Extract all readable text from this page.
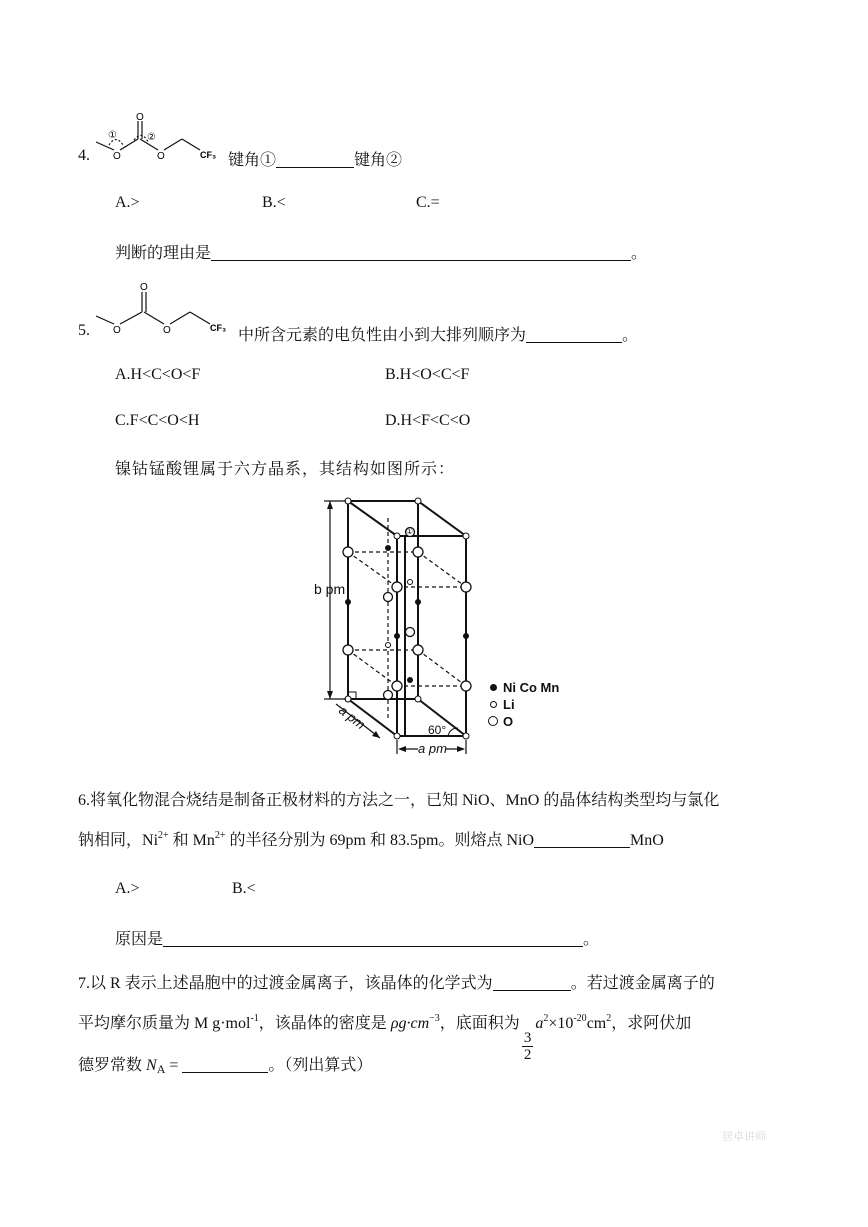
O
O	O
①	②
CF₃
4.	键角①	键角②
A.>	B.<	C.=
判断的理由是	。
O
O	O	CF₃
5.	中所含元素的电负性由小到大排列顺序为	。
A.H<C<O<F	B.H<O<C<F
C.F<C<O<H	D.H<F<C<O
镍钴锰酸锂属于六方晶系，其结构如图所示：
①
b pm
a pm
a pm
60°
Ni Co Mn
Li
O
6.将氧化物混合烧结是制备正极材料的方法之一，已知 NiO、MnO 的晶体结构类型均与氯化
钠相同，$Ni^{2+}$ 和 $Mn^{2+}$ 的半径分别为 69pm 和 83.5pm。则熔点 NiO	MnO
A.>	B.<
原因是	。
7.以 R 表示上述晶胞中的过渡金属离子，该晶体的化学式为	。若过渡金属离子的
平均摩尔质量为 M g·mol$^{-1}$，该晶体的密度是 $\rho g\cdot cm^{-3}$，底面积为
$\frac{3}{2}$
$a^2\times 10^{-20}cm^2$，求阿伏加
德罗常数 NA =	。（列出算式）
居卓讲师
